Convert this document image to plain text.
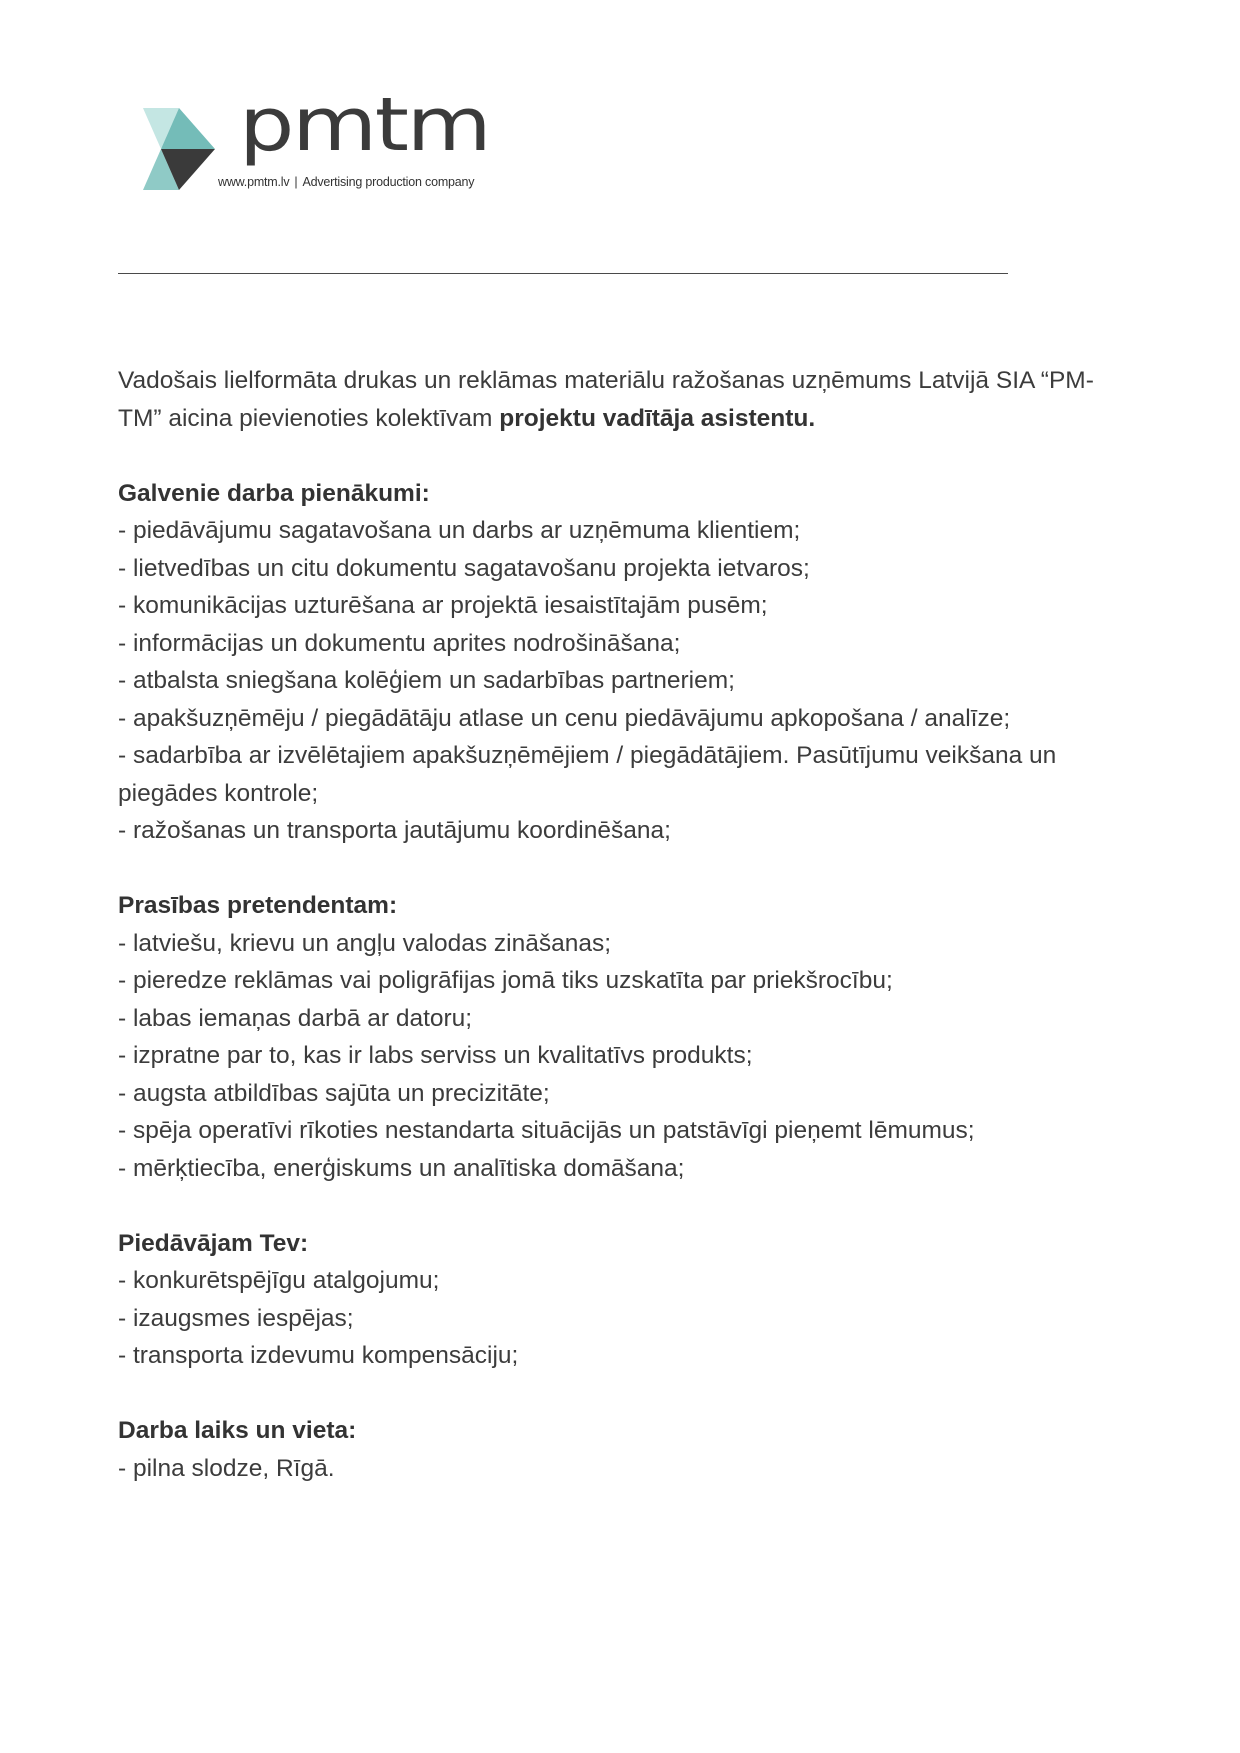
pmtm
www.pmtm.lv | Advertising production company

Vadošais lielformāta drukas un reklāmas materiālu ražošanas uzņēmums Latvijā SIA “PM-TM” aicina pievienoties kolektīvam projektu vadītāja asistentu.

Galvenie darba pienākumi:
- piedāvājumu sagatavošana un darbs ar uzņēmuma klientiem;
- lietvedības un citu dokumentu sagatavošanu projekta ietvaros;
- komunikācijas uzturēšana ar projektā iesaistītajām pusēm;
- informācijas un dokumentu aprites nodrošināšana;
- atbalsta sniegšana kolēģiem un sadarbības partneriem;
- apakšuzņēmēju / piegādātāju atlase un cenu piedāvājumu apkopošana / analīze;
- sadarbība ar izvēlētajiem apakšuzņēmējiem / piegādātājiem. Pasūtījumu veikšana un piegādes kontrole;
- ražošanas un transporta jautājumu koordinēšana;
Prasības pretendentam:
- latviešu, krievu un angļu valodas zināšanas;
- pieredze reklāmas vai poligrāfijas jomā tiks uzskatīta par priekšrocību;
- labas iemaņas darbā ar datoru;
- izpratne par to, kas ir labs serviss un kvalitatīvs produkts;
- augsta atbildības sajūta un precizitāte;
- spēja operatīvi rīkoties nestandarta situācijās un patstāvīgi pieņemt lēmumus;
- mērķtiecība, enerģiskums un analītiska domāšana;
Piedāvājam Tev:
- konkurētspējīgu atalgojumu;
- izaugsmes iespējas;
- transporta izdevumu kompensāciju;
Darba laiks un vieta:
- pilna slodze, Rīgā.
